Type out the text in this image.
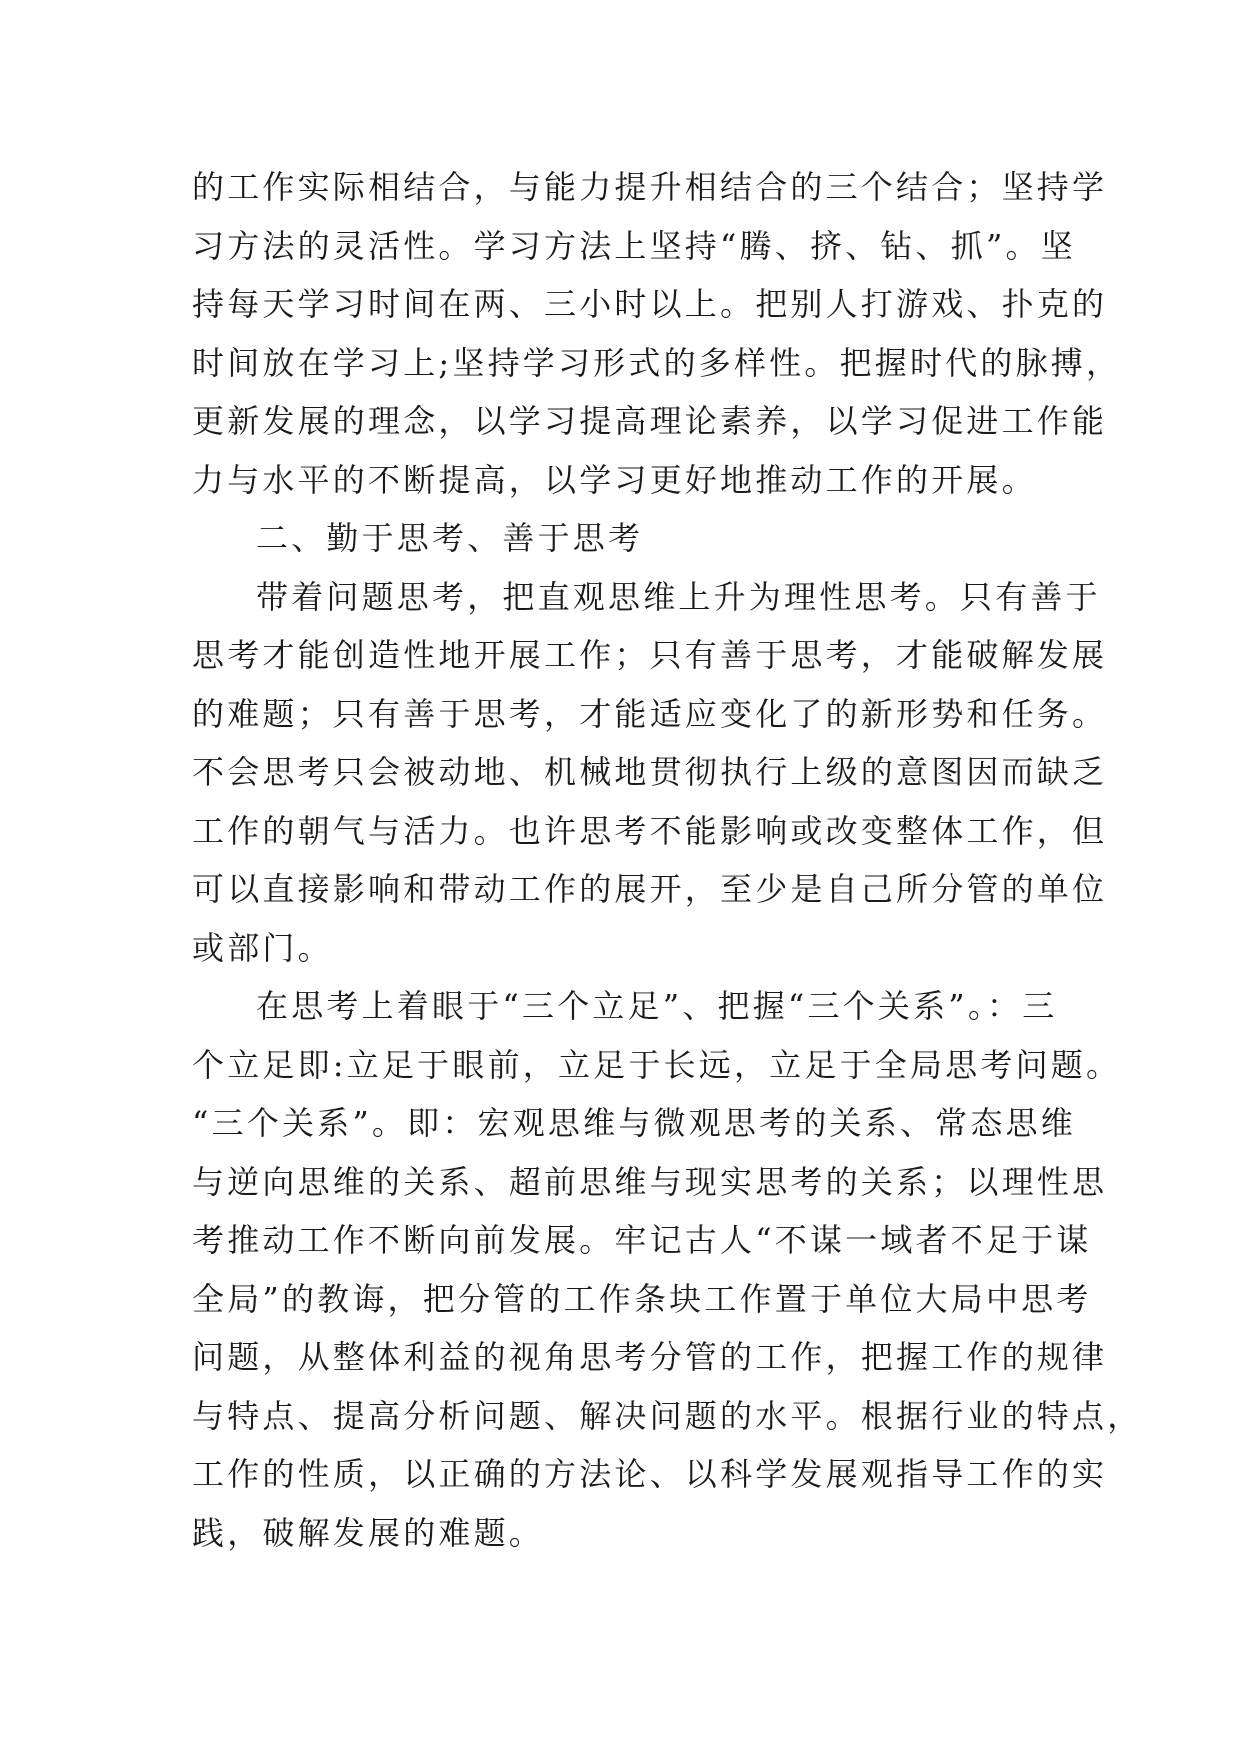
的工作实际相结合，与能力提升相结合的三个结合；坚持学
习方法的灵活性。学习方法上坚持“腾、挤、钻、抓”。坚
持每天学习时间在两、三小时以上。把别人打游戏、扑克的
时间放在学习上;坚持学习形式的多样性。把握时代的脉搏，
更新发展的理念，以学习提高理论素养，以学习促进工作能
力与水平的不断提高，以学习更好地推动工作的开展。
二、勤于思考、善于思考
带着问题思考，把直观思维上升为理性思考。只有善于
思考才能创造性地开展工作；只有善于思考，才能破解发展
的难题；只有善于思考，才能适应变化了的新形势和任务。
不会思考只会被动地、机械地贯彻执行上级的意图因而缺乏
工作的朝气与活力。也许思考不能影响或改变整体工作，但
可以直接影响和带动工作的展开，至少是自己所分管的单位
或部门。
在思考上着眼于“三个立足”、把握“三个关系”。：三
个立足即:立足于眼前，立足于长远，立足于全局思考问题。
“三个关系”。即：宏观思维与微观思考的关系、常态思维
与逆向思维的关系、超前思维与现实思考的关系；以理性思
考推动工作不断向前发展。牢记古人“不谋一域者不足于谋
全局”的教诲，把分管的工作条块工作置于单位大局中思考
问题，从整体利益的视角思考分管的工作，把握工作的规律
与特点、提高分析问题、解决问题的水平。根据行业的特点，
工作的性质，以正确的方法论、以科学发展观指导工作的实
践，破解发展的难题。
